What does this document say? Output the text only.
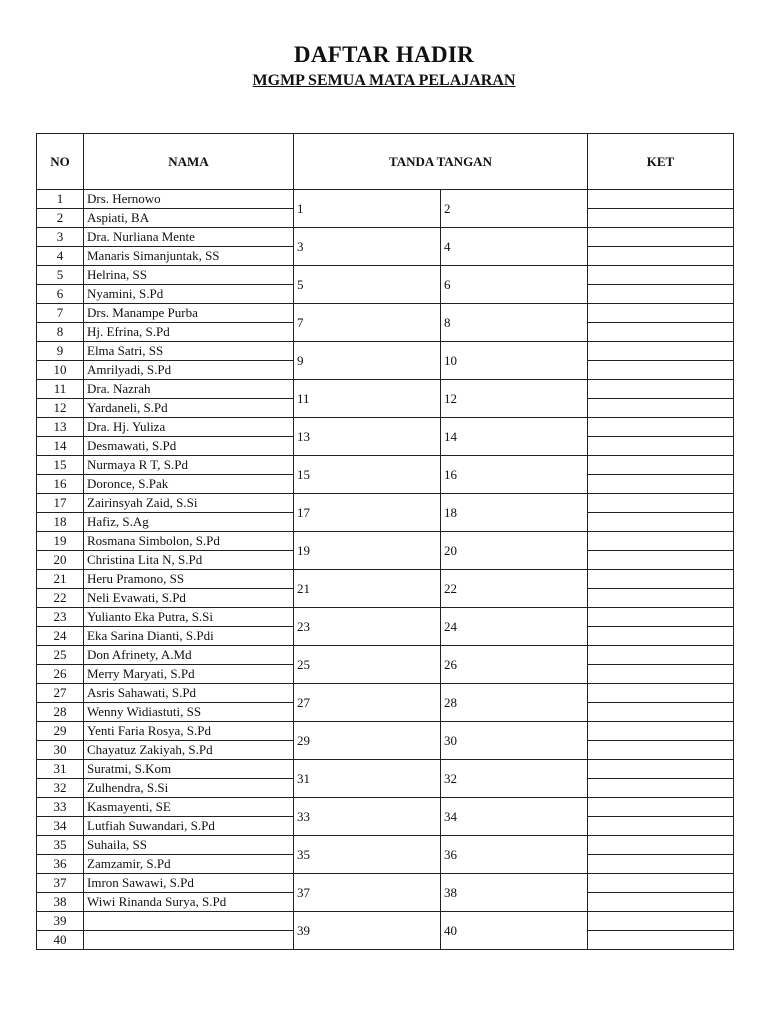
DAFTAR HADIR
MGMP SEMUA MATA PELAJARAN
NO	NAMA	TANDA TANGAN		KET
1	Drs. Hernowo	1	2	
2	Aspiati, BA			
3	Dra. Nurliana Mente	3	4	
4	Manaris Simanjuntak, SS			
5	Helrina, SS	5	6	
6	Nyamini, S.Pd			
7	Drs. Manampe Purba	7	8	
8	Hj. Efrina, S.Pd			
9	Elma Satri, SS	9	10	
10	Amrilyadi, S.Pd			
11	Dra. Nazrah	11	12	
12	Yardaneli, S.Pd			
13	Dra. Hj. Yuliza	13	14	
14	Desmawati, S.Pd			
15	Nurmaya R T, S.Pd	15	16	
16	Doronce, S.Pak			
17	Zairinsyah Zaid, S.Si	17	18	
18	Hafiz, S.Ag			
19	Rosmana Simbolon, S.Pd	19	20	
20	Christina Lita N, S.Pd			
21	Heru Pramono, SS	21	22	
22	Neli Evawati, S.Pd			
23	Yulianto Eka Putra, S.Si	23	24	
24	Eka Sarina Dianti, S.Pdi			
25	Don Afrinety, A.Md	25	26	
26	Merry Maryati, S.Pd			
27	Asris Sahawati, S.Pd	27	28	
28	Wenny Widiastuti, SS			
29	Yenti Faria Rosya, S.Pd	29	30	
30	Chayatuz Zakiyah, S.Pd			
31	Suratmi, S.Kom	31	32	
32	Zulhendra, S.Si			
33	Kasmayenti, SE	33	34	
34	Lutfiah Suwandari, S.Pd			
35	Suhaila, SS	35	36	
36	Zamzamir, S.Pd			
37	Imron Sawawi, S.Pd	37	38	
38	Wiwi Rinanda Surya, S.Pd			
39		39	40	
40				
